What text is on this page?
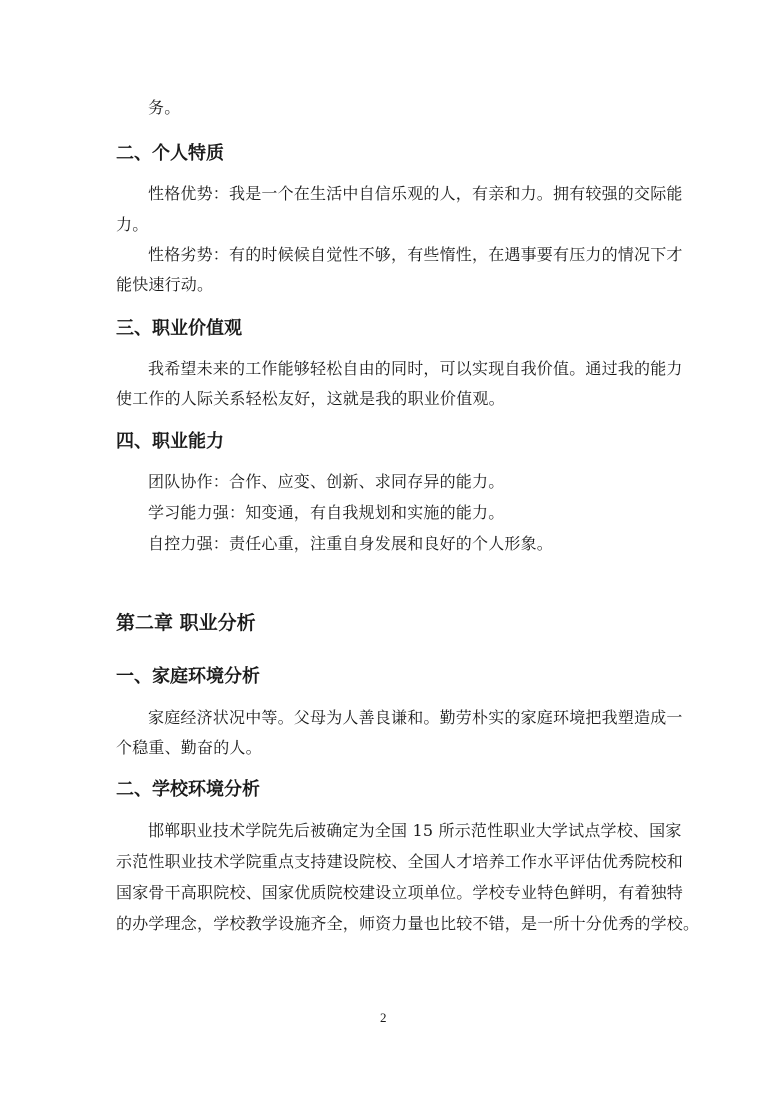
务。
二、个人特质
性格优势：我是一个在生活中自信乐观的人，有亲和力。拥有较强的交际能
力。
性格劣势：有的时候候自觉性不够，有些惰性，在遇事要有压力的情况下才
能快速行动。
三、职业价值观
我希望未来的工作能够轻松自由的同时，可以实现自我价值。通过我的能力
使工作的人际关系轻松友好，这就是我的职业价值观。
四、职业能力
团队协作：合作、应变、创新、求同存异的能力。
学习能力强：知变通，有自我规划和实施的能力。
自控力强：责任心重，注重自身发展和良好的个人形象。
第二章 职业分析
一、家庭环境分析
家庭经济状况中等。父母为人善良谦和。勤劳朴实的家庭环境把我塑造成一
个稳重、勤奋的人。
二、学校环境分析
邯郸职业技术学院先后被确定为全国 15 所示范性职业大学试点学校、国家
示范性职业技术学院重点支持建设院校、全国人才培养工作水平评估优秀院校和
国家骨干高职院校、国家优质院校建设立项单位。学校专业特色鲜明，有着独特
的办学理念，学校教学设施齐全，师资力量也比较不错，是一所十分优秀的学校。
2
